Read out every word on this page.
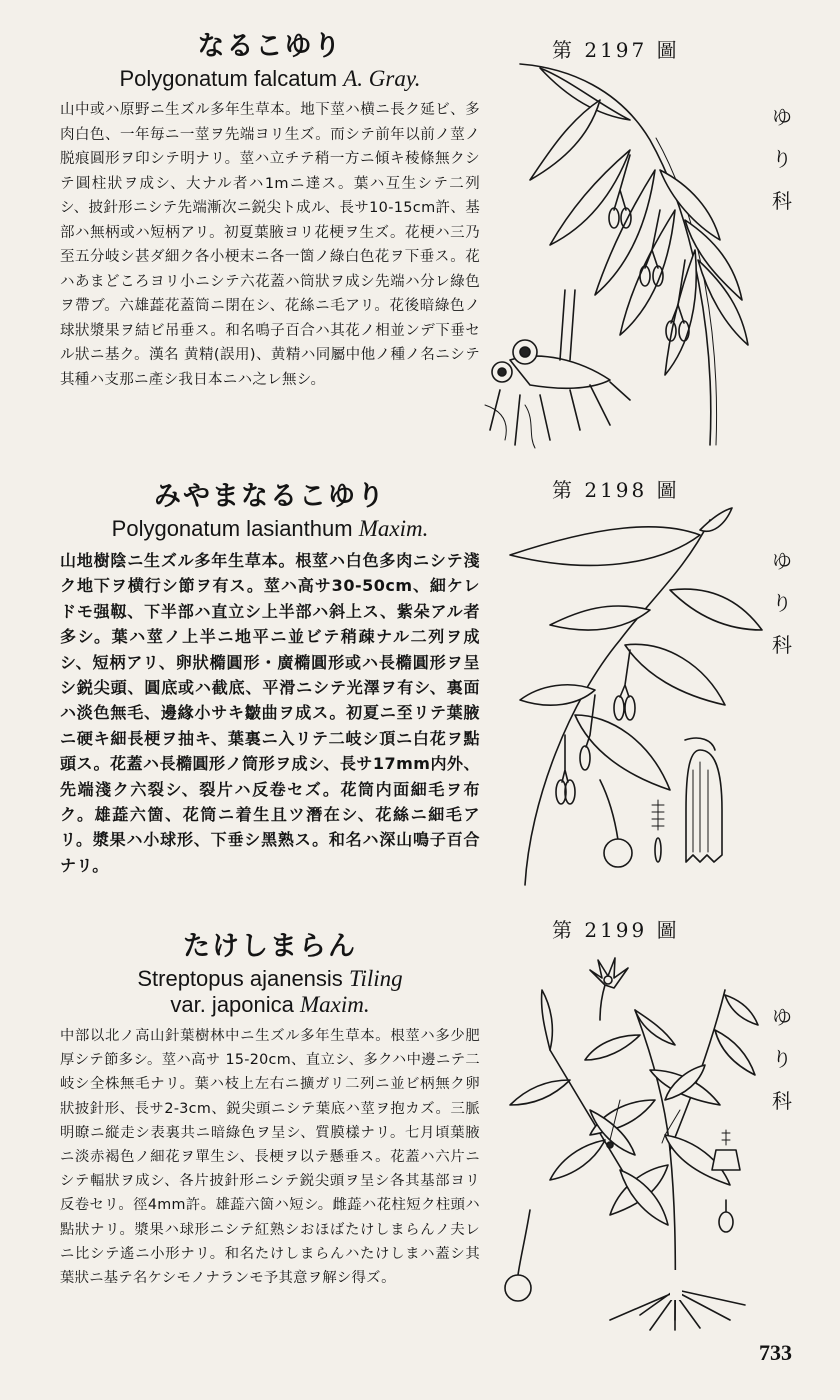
なるこゆり
Polygonatum falcatum A. Gray.
山中或ハ原野ニ生ズル多年生草本。地下莖ハ横ニ長ク延ビ、多肉白色、一年毎ニ一莖ヲ先端ヨリ生ズ。而シテ前年以前ノ莖ノ脱痕圓形ヲ印シテ明ナリ。莖ハ立チテ稍一方ニ傾キ稜條無クシテ圓柱狀ヲ成シ、大ナル者ハ1mニ達ス。葉ハ互生シテ二列シ、披針形ニシテ先端漸次ニ鋭尖ト成ル、長サ10-15cm許、基部ハ無柄或ハ短柄アリ。初夏葉腋ヨリ花梗ヲ生ズ。花梗ハ三乃至五分岐シ甚ダ細ク各小梗末ニ各一箇ノ綠白色花ヲ下垂ス。花ハあまどころヨリ小ニシテ六花蓋ハ筒狀ヲ成シ先端ハ分レ綠色ヲ帶ブ。六雄蕋花蓋筒ニ閉在シ、花絲ニ毛アリ。花後暗綠色ノ球狀漿果ヲ結ビ吊垂ス。和名鳴子百合ハ其花ノ相並ンデ下垂セル狀ニ基ク。漢名 黄精(誤用)、黄精ハ同屬中他ノ種ノ名ニシテ其種ハ支那ニ產シ我日本ニハ之レ無シ。
みやまなるこゆり
Polygonatum lasianthum Maxim.
山地樹陰ニ生ズル多年生草本。根莖ハ白色多肉ニシテ淺ク地下ヲ横行シ節ヲ有ス。莖ハ高サ30-50cm、細ケレドモ强靱、下半部ハ直立シ上半部ハ斜上ス、紫朵アル者多シ。葉ハ莖ノ上半ニ地平ニ並ビテ稍疎ナル二列ヲ成シ、短柄アリ、卵狀橢圓形・廣橢圓形或ハ長橢圓形ヲ呈シ鋭尖頭、圓底或ハ截底、平滑ニシテ光澤ヲ有シ、裏面ハ淡色無毛、邊緣小サキ皺曲ヲ成ス。初夏ニ至リテ葉腋ニ硬キ細長梗ヲ抽キ、葉裏ニ入リテ二岐シ頂ニ白花ヲ點頭ス。花蓋ハ長橢圓形ノ筒形ヲ成シ、長サ17mm内外、先端淺ク六裂シ、裂片ハ反卷セズ。花筒内面細毛ヲ布ク。雄蕋六箇、花筒ニ着生且ツ潛在シ、花絲ニ細毛アリ。漿果ハ小球形、下垂シ黑熟ス。和名ハ深山鳴子百合ナリ。
たけしまらん
Streptopus ajanensis Tiling
var. japonica Maxim.
中部以北ノ高山針葉樹林中ニ生ズル多年生草本。根莖ハ多少肥厚シテ節多シ。莖ハ高サ 15-20cm、直立シ、多クハ中邊ニテ二岐シ全株無毛ナリ。葉ハ枝上左右ニ擴ガリ二列ニ並ビ柄無ク卵狀披針形、長サ2-3cm、鋭尖頭ニシテ葉底ハ莖ヲ抱カズ。三脈明瞭ニ縦走シ表裏共ニ暗綠色ヲ呈シ、質膜樣ナリ。七月頃葉腋ニ淡赤褐色ノ細花ヲ單生シ、長梗ヲ以テ懸垂ス。花蓋ハ六片ニシテ輻狀ヲ成シ、各片披針形ニシテ鋭尖頭ヲ呈シ各其基部ヨリ反卷セリ。徑4mm許。雄蕋六箇ハ短シ。雌蕋ハ花柱短ク柱頭ハ點狀ナリ。漿果ハ球形ニシテ紅熟シおほばたけしまらんノ夫レニ比シテ遙ニ小形ナリ。和名たけしまらんハたけしまハ蓋シ其葉狀ニ基テ名ケシモノナランモ予其意ヲ解シ得ズ。
第 2197 圖
第 2198 圖
第 2199 圖
ゆ
り
科
ゆ
り
科
ゆ
り
科
733
